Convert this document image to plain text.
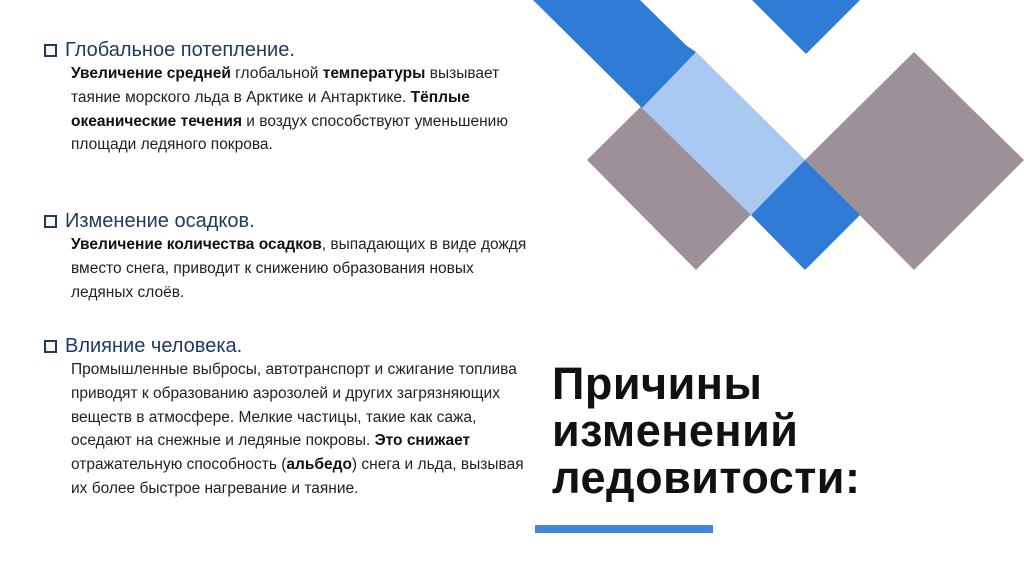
Глобальное потепление.
Увеличение средней глобальной температуры вызывает таяние морского льда в Арктике и Антарктике. Тёплые океанические течения и воздух способствуют уменьшению площади ледяного покрова.
Изменение осадков.
Увеличение количества осадков, выпадающих в виде дождя вместо снега, приводит к снижению образования новых ледяных слоёв.
Влияние человека.
Промышленные выбросы, автотранспорт и сжигание топлива приводят к образованию аэрозолей и других загрязняющих веществ в атмосфере. Мелкие частицы, такие как сажа, оседают на снежные и ледяные покровы. Это снижает отражательную способность (альбедо) снега и льда, вызывая их более быстрое нагревание и таяние.
Причины
изменений
ледовитости:
